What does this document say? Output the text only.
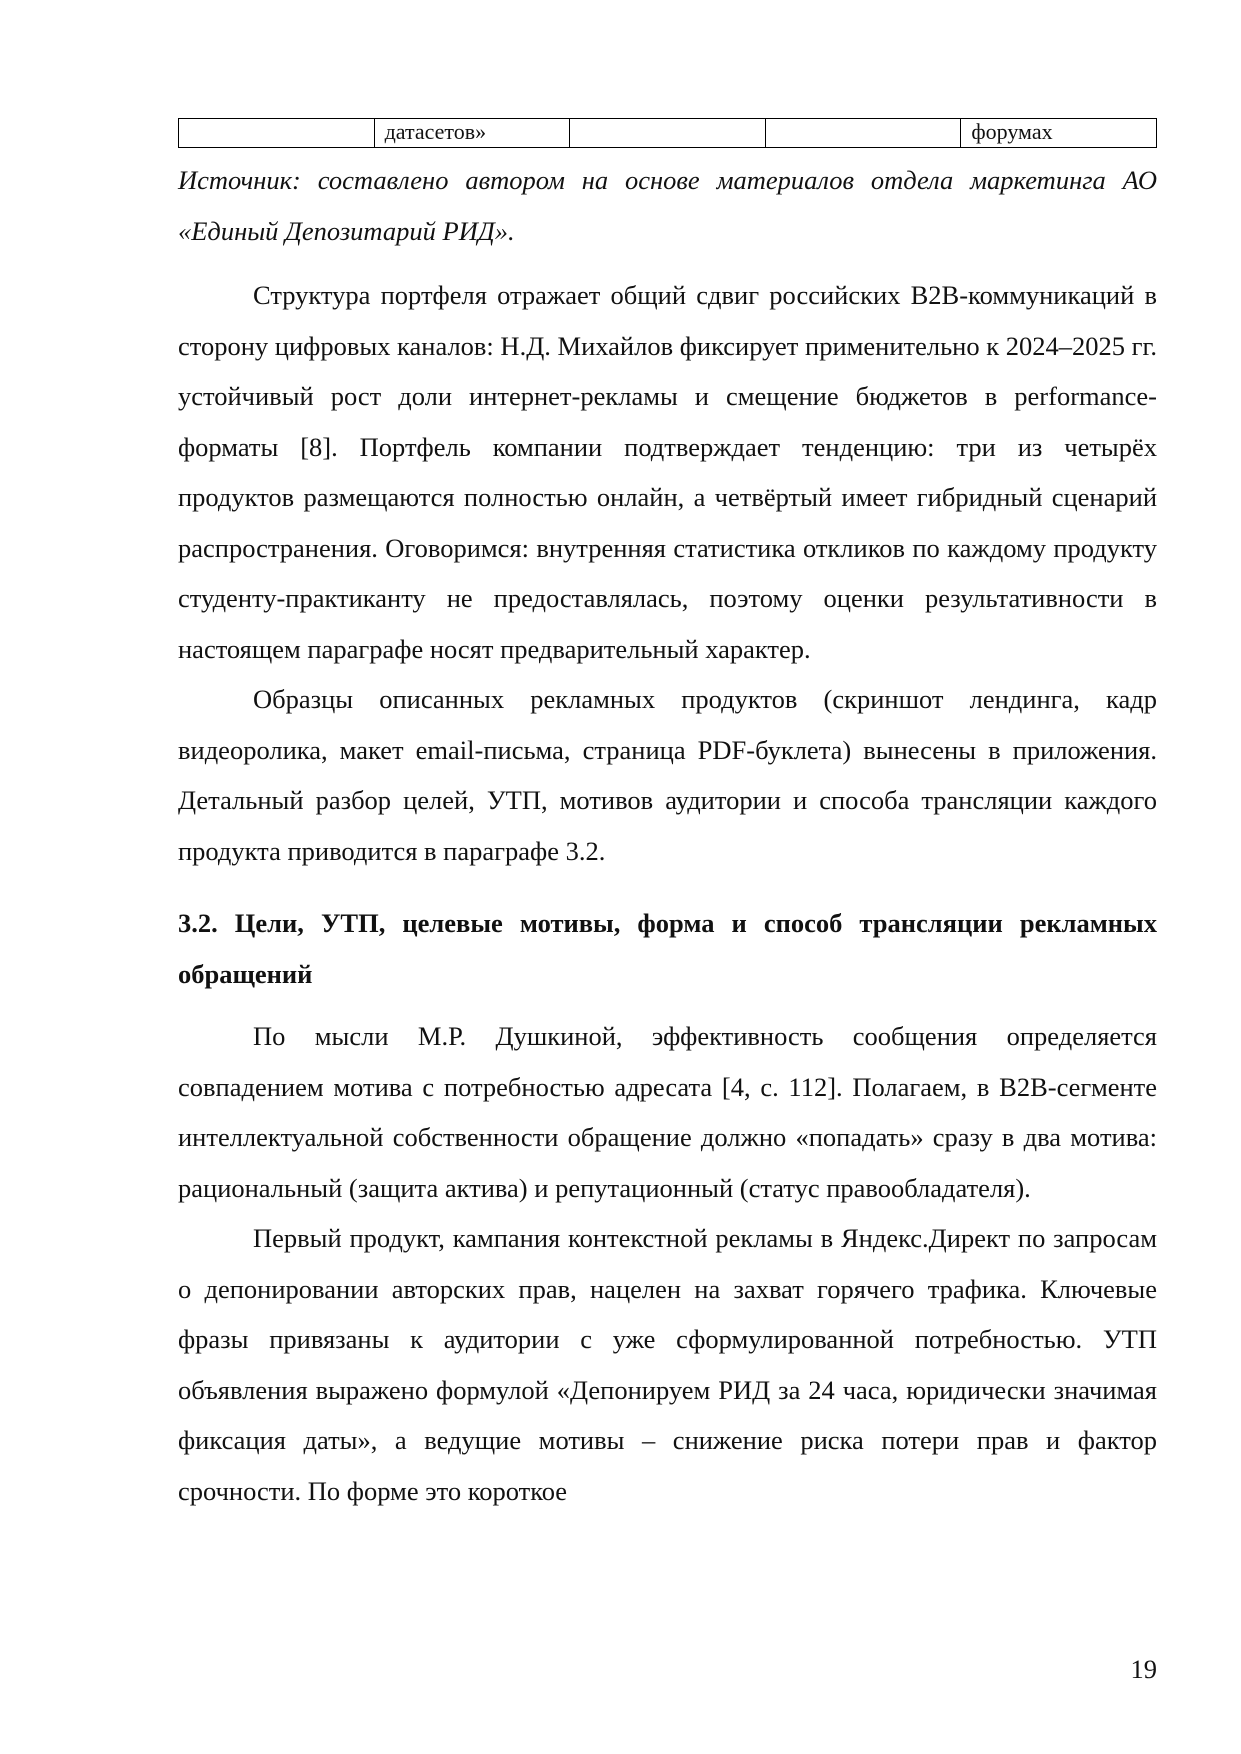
	датасетов»			форумах

Источник: составлено автором на основе материалов отдела маркетинга АО «Единый Депозитарий РИД».

Структура портфеля отражает общий сдвиг российских B2B-коммуникаций в сторону цифровых каналов: Н.Д. Михайлов фиксирует применительно к 2024–2025 гг. устойчивый рост доли интернет-рекламы и смещение бюджетов в performance-форматы [8]. Портфель компании подтверждает тенденцию: три из четырёх продуктов размещаются полностью онлайн, а четвёртый имеет гибридный сценарий распространения. Оговоримся: внутренняя статистика откликов по каждому продукту студенту-практиканту не предоставлялась, поэтому оценки результативности в настоящем параграфе носят предварительный характер.

Образцы описанных рекламных продуктов (скриншот лендинга, кадр видеоролика, макет email-письма, страница PDF-буклета) вынесены в приложения. Детальный разбор целей, УТП, мотивов аудитории и способа трансляции каждого продукта приводится в параграфе 3.2.

3.2. Цели, УТП, целевые мотивы, форма и способ трансляции рекламных обращений

По мысли М.Р. Душкиной, эффективность сообщения определяется совпадением мотива с потребностью адресата [4, с. 112]. Полагаем, в B2B-сегменте интеллектуальной собственности обращение должно «попадать» сразу в два мотива: рациональный (защита актива) и репутационный (статус правообладателя).

Первый продукт, кампания контекстной рекламы в Яндекс.Директ по запросам о депонировании авторских прав, нацелен на захват горячего трафика. Ключевые фразы привязаны к аудитории с уже сформулированной потребностью. УТП объявления выражено формулой «Депонируем РИД за 24 часа, юридически значимая фиксация даты», а ведущие мотивы – снижение риска потери прав и фактор срочности. По форме это короткое

19
